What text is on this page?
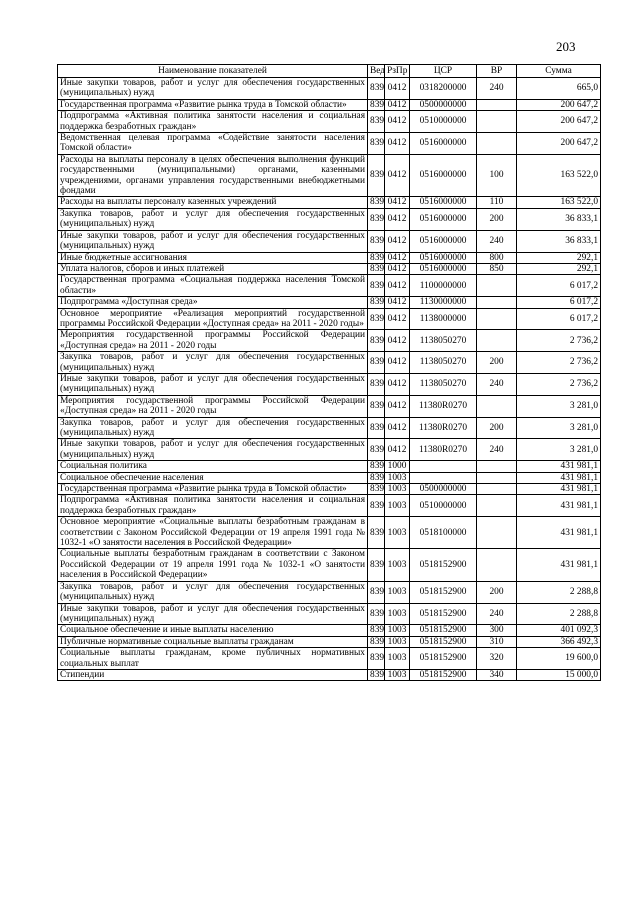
203
Наименование показателей	Вед	РзПр	ЦСР	ВР	Сумма
Иные закупки товаров, работ и услуг для обеспечения государственных (муниципальных) нужд	839	0412	0318200000	240	665,0
Государственная программа «Развитие рынка труда в Томской области»	839	0412	0500000000		200 647,2
Подпрограмма «Активная политика занятости населения и социальная поддержка безработных граждан»	839	0412	0510000000		200 647,2
Ведомственная целевая программа «Содействие занятости населения Томской области»	839	0412	0516000000		200 647,2
Расходы на выплаты персоналу в целях обеспечения выполнения функций государственными (муниципальными) органами, казенными учреждениями, органами управления государственными внебюджетными фондами	839	0412	0516000000	100	163 522,0
Расходы на выплаты персоналу казенных учреждений	839	0412	0516000000	110	163 522,0
Закупка товаров, работ и услуг для обеспечения государственных (муниципальных) нужд	839	0412	0516000000	200	36 833,1
Иные закупки товаров, работ и услуг для обеспечения государственных (муниципальных) нужд	839	0412	0516000000	240	36 833,1
Иные бюджетные ассигнования	839	0412	0516000000	800	292,1
Уплата налогов, сборов и иных платежей	839	0412	0516000000	850	292,1
Государственная программа «Социальная поддержка населения Томской области»	839	0412	1100000000		6 017,2
Подпрограмма «Доступная среда»	839	0412	1130000000		6 017,2
Основное мероприятие «Реализация мероприятий государственной программы Российской Федерации «Доступная среда» на 2011 - 2020 годы»	839	0412	1138000000		6 017,2
Мероприятия государственной программы Российской Федерации «Доступная среда» на 2011 - 2020 годы	839	0412	1138050270		2 736,2
Закупка товаров, работ и услуг для обеспечения государственных (муниципальных) нужд	839	0412	1138050270	200	2 736,2
Иные закупки товаров, работ и услуг для обеспечения государственных (муниципальных) нужд	839	0412	1138050270	240	2 736,2
Мероприятия государственной программы Российской Федерации «Доступная среда» на 2011 - 2020 годы	839	0412	11380R0270		3 281,0
Закупка товаров, работ и услуг для обеспечения государственных (муниципальных) нужд	839	0412	11380R0270	200	3 281,0
Иные закупки товаров, работ и услуг для обеспечения государственных (муниципальных) нужд	839	0412	11380R0270	240	3 281,0
Социальная политика	839	1000			431 981,1
Социальное обеспечение населения	839	1003			431 981,1
Государственная программа «Развитие рынка труда в Томской области»	839	1003	0500000000		431 981,1
Подпрограмма «Активная политика занятости населения и социальная поддержка безработных граждан»	839	1003	0510000000		431 981,1
Основное мероприятие «Социальные выплаты безработным гражданам в соответствии с Законом Российской Федерации от 19 апреля 1991 года № 1032-1 «О занятости населения в Российской Федерации»	839	1003	0518100000		431 981,1
Социальные выплаты безработным гражданам в соответствии с Законом Российской Федерации от 19 апреля 1991 года № 1032-1 «О занятости населения в Российской Федерации»	839	1003	0518152900		431 981,1
Закупка товаров, работ и услуг для обеспечения государственных (муниципальных) нужд	839	1003	0518152900	200	2 288,8
Иные закупки товаров, работ и услуг для обеспечения государственных (муниципальных) нужд	839	1003	0518152900	240	2 288,8
Социальное обеспечение и иные выплаты населению	839	1003	0518152900	300	401 092,3
Публичные нормативные социальные выплаты гражданам	839	1003	0518152900	310	366 492,3
Социальные выплаты гражданам, кроме публичных нормативных социальных выплат	839	1003	0518152900	320	19 600,0
Стипендии	839	1003	0518152900	340	15 000,0
